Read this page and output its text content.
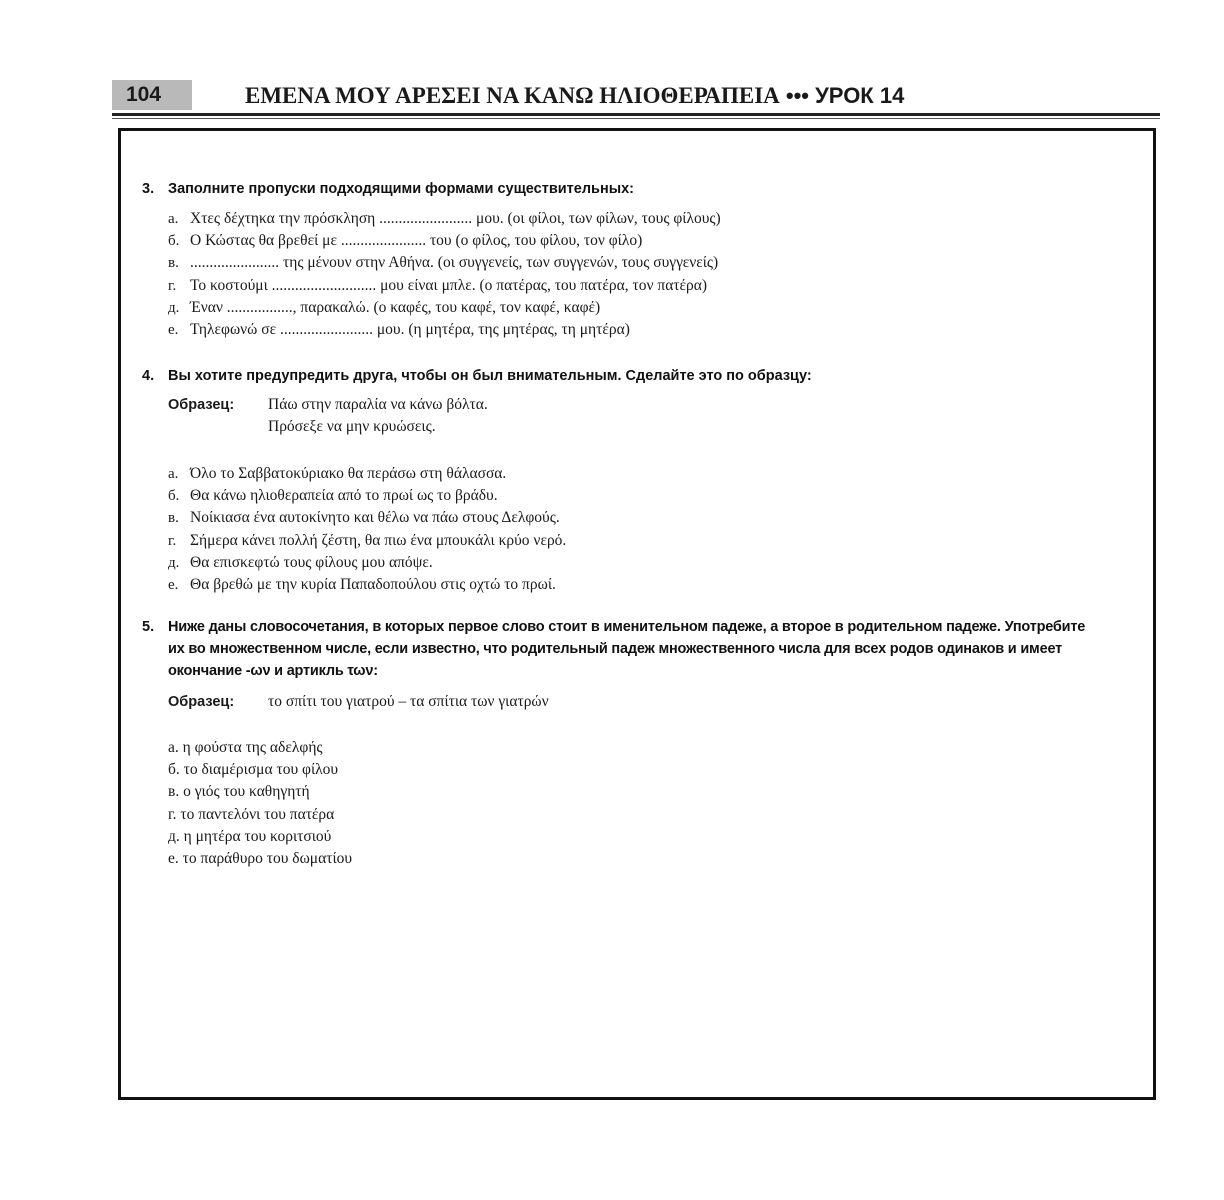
104	ΕΜΕΝΑ ΜΟΥ ΑΡΕΣΕΙ ΝΑ ΚΑΝΩ ΗΛΙΟΘΕΡΑΠΕΙΑ ••• УРОК 14
3. Заполните пропуски подходящими формами существительных:
а. Χτες δέχτηκα την πρόσκληση ........................ μου. (οι φίλοι, των φίλων, τους φίλους)
б. Ο Κώστας θα βρεθεί με ...................... του (ο φίλος, του φίλου, τον φίλο)
в. ....................... της μένουν στην Αθήνα. (οι συγγενείς, των συγγενών, τους συγγενείς)
г. Το κοστούμι ........................... μου είναι μπλε. (ο πατέρας, του πατέρα, τον πατέρα)
д. Έναν ................., παρακαλώ. (ο καφές, του καφέ, τον καφέ, καφέ)
е. Τηλεφωνώ σε ........................ μου. (η μητέρα, της μητέρας, τη μητέρα)
4. Вы хотите предупредить друга, чтобы он был внимательным. Сделайте это по образцу:
Образец:	Πάω στην παραλία να κάνω βόλτα.
Πρόσεξε να μην κρυώσεις.
а. Όλο το Σαββατοκύριακο θα περάσω στη θάλασσα.
б. Θα κάνω ηλιοθεραπεία από το πρωί ως το βράδυ.
в. Νοίκιασα ένα αυτοκίνητο και θέλω να πάω στους Δελφούς.
г. Σήμερα κάνει πολλή ζέστη, θα πιω ένα μπουκάλι κρύο νερό.
д. Θα επισκεφτώ τους φίλους μου απόψε.
е. Θα βρεθώ με την κυρία Παπαδοπούλου στις οχτώ το πρωί.
5. Ниже даны словосочетания, в которых первое слово стоит в именительном падеже, а второе в родительном падеже. Употребите
их во множественном числе, если известно, что родительный падеж множественного числа для всех родов одинаков и имеет
окончание -ων и артикль των:
Образец:	το σπίτι του γιατρού – τα σπίτια των γιατρών
а. η φούστα της αδελφής
б. το διαμέρισμα του φίλου
в. ο γιός του καθηγητή
г. το παντελόνι του πατέρα
д. η μητέρα του κοριτσιού
е. το παράθυρο του δωματίου
